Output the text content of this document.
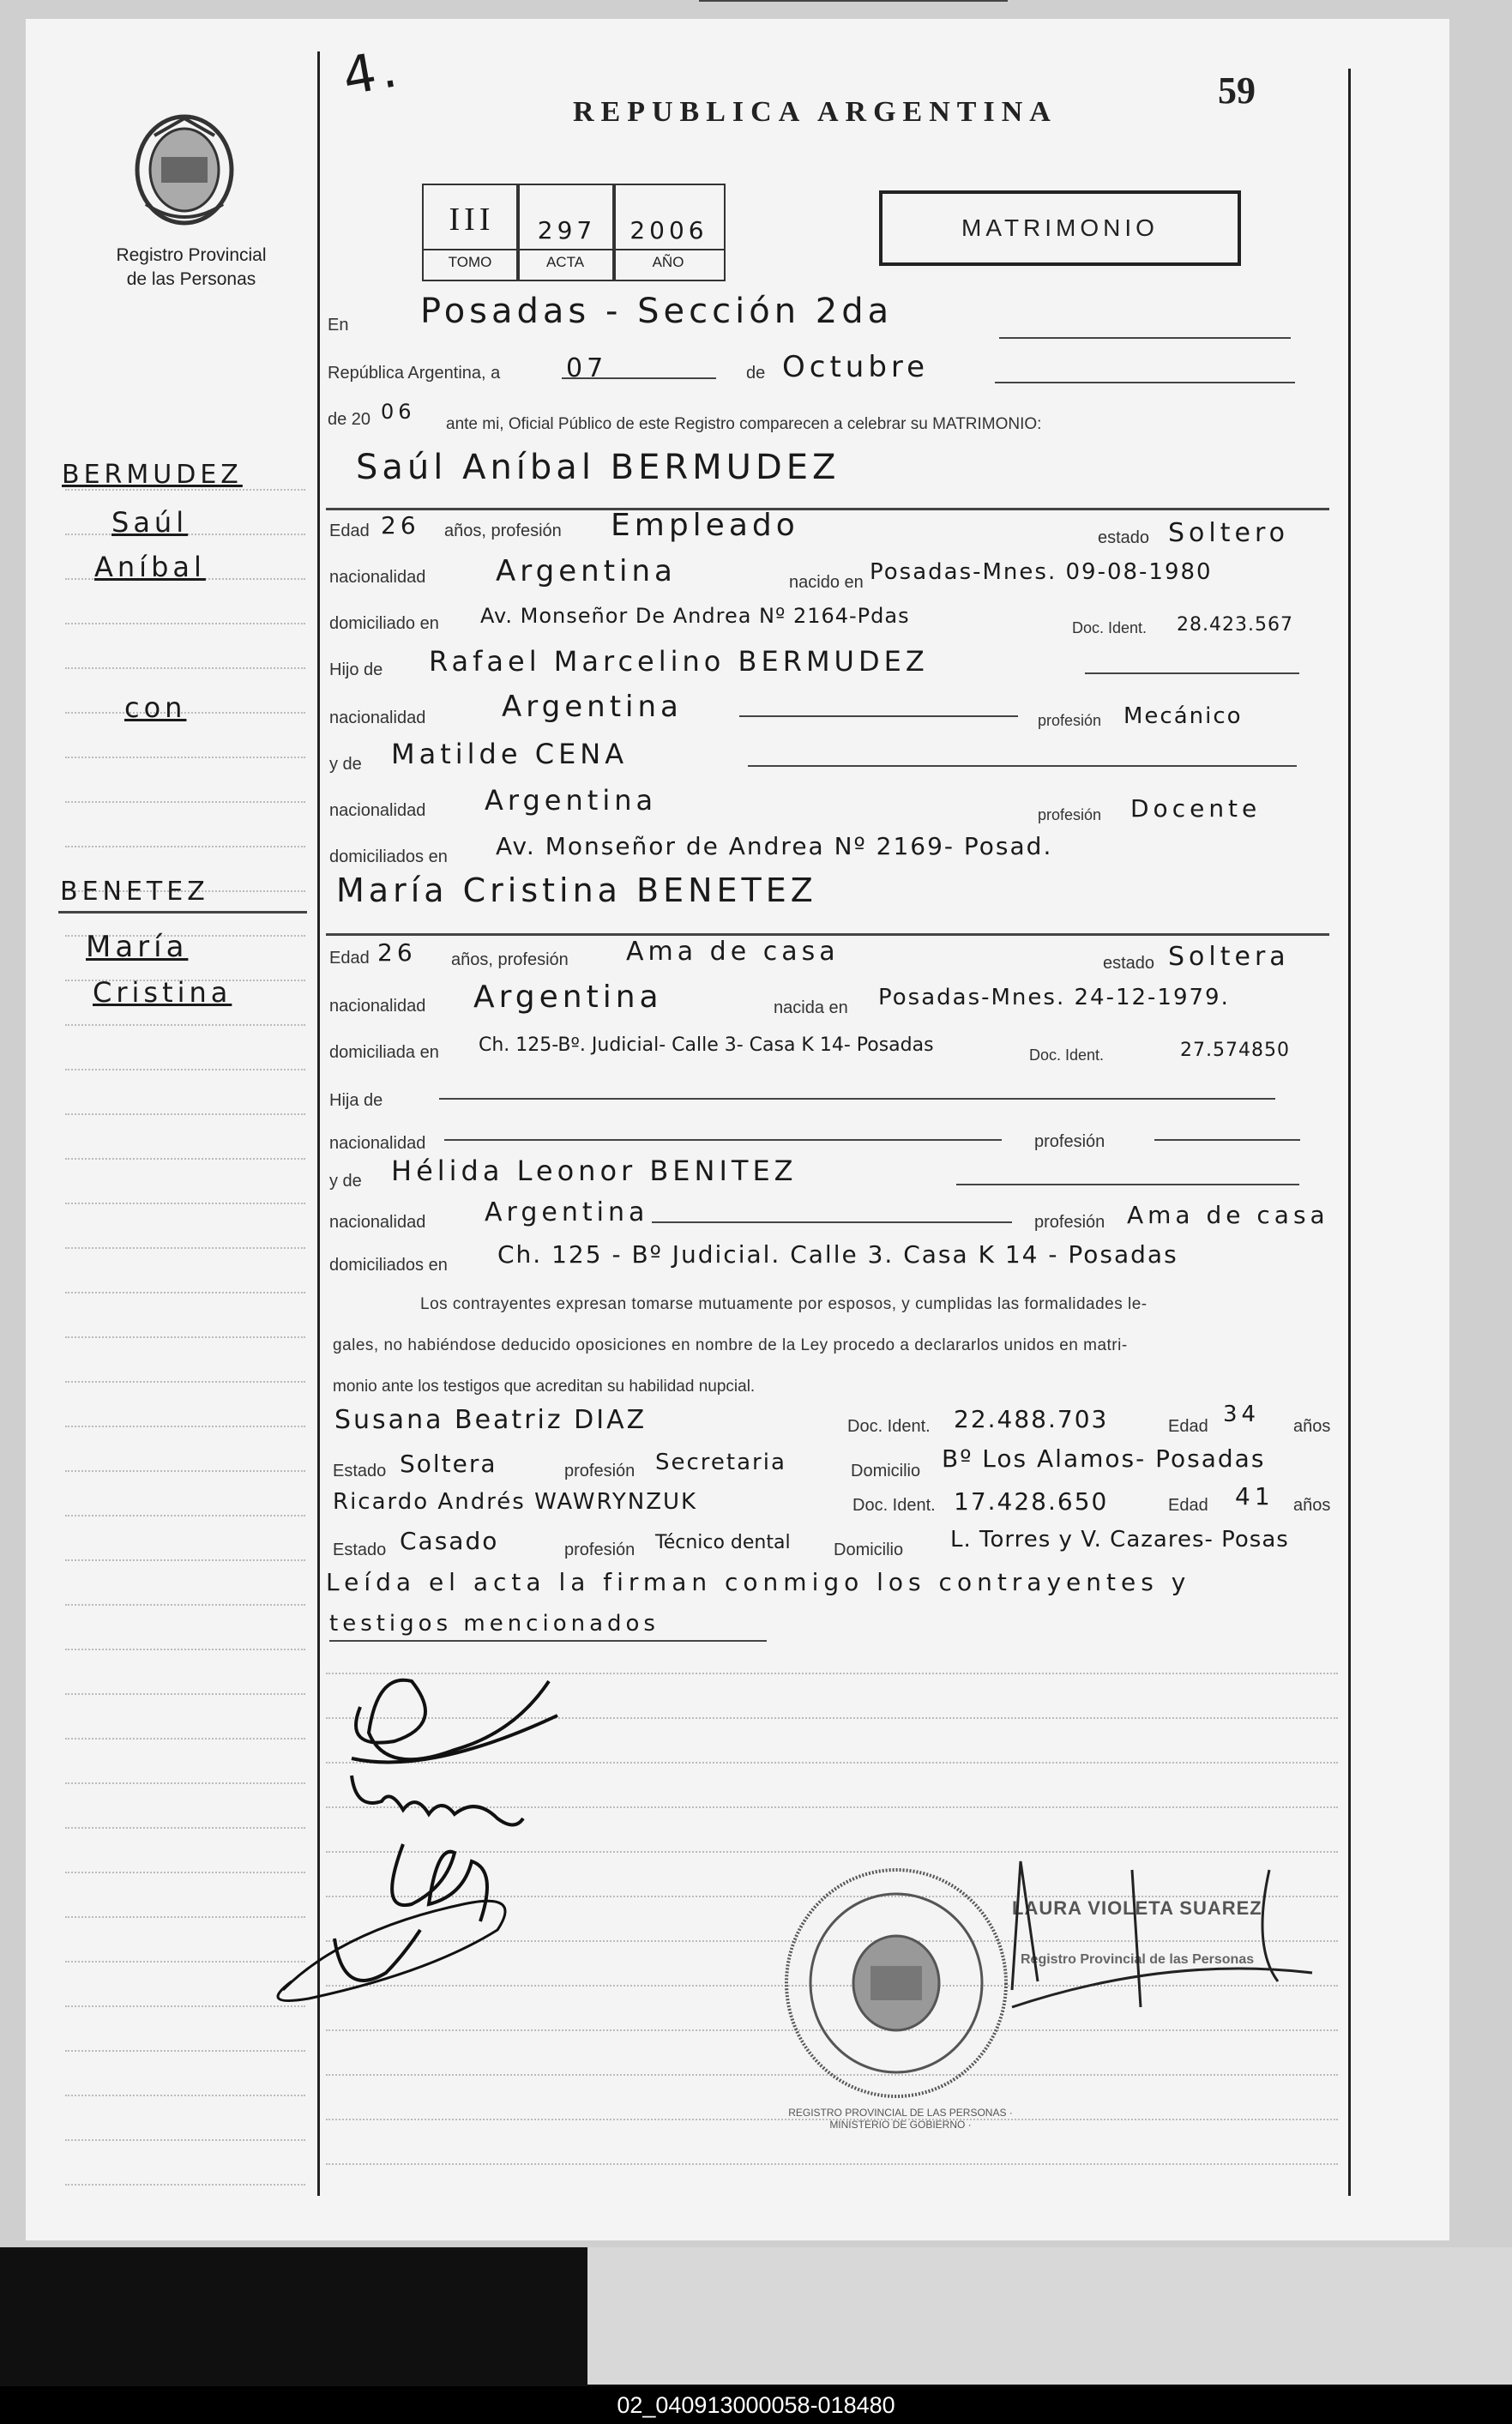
4.	59
REPUBLICA ARGENTINA
Registro Provincial
de las Personas
III	297	2006
TOMO	ACTA	AÑO
MATRIMONIO
En Posadas - Sección 2da
República Argentina, a	07	de Octubre
de 20 06
ante mi, Oficial Público de este Registro comparecen a celebrar su MATRIMONIO:
BERMUDEZ
Saúl
Aníbal
con
Saúl Aníbal BERMUDEZ
Edad 26 años, profesión Empleado	estado Soltero
nacionalidad Argentina	nacido en Posadas-Mnes. 09-08-1980
domiciliado en Av. Monseñor De Andrea Nº 2164-Pdas	Doc. Ident. 28.423.567
Hijo de Rafael Marcelino BERMUDEZ
nacionalidad	Argentina	profesión Mecánico
y de Matilde CENA
nacionalidad Argentina	profesión Docente
domiciliados en Av. Monseñor de Andrea Nº 2169- Posad.
BENETEZ
María
Cristina
María Cristina BENETEZ
Edad 26 años, profesión Ama de casa	estado Soltera
nacionalidad Argentina	nacida en Posadas-Mnes. 24-12-1979.
domiciliada en Ch. 125-Bº. Judicial- Calle 3- Casa K 14- Posadas	Doc. Ident.	27.574850
Hija de
nacionalidad	profesión
y de Hélida Leonor BENITEZ
nacionalidad Argentina	profesión Ama de casa
domiciliados en Ch. 125 - Bº Judicial. Calle 3. Casa K 14 - Posadas
Los contrayentes expresan tomarse mutuamente por esposos, y cumplidas las formalidades le-
gales, no habiéndose deducido oposiciones en nombre de la Ley procedo a declararlos unidos en matri-
monio ante los testigos que acreditan su habilidad nupcial.
Susana Beatriz DIAZ	Doc. Ident. 22.488.703	Edad 34 años
Estado Soltera	profesión Secretaria	Domicilio Bº Los Alamos- Posadas
Ricardo Andrés WAWRYNZUK	Doc. Ident. 17.428.650	Edad 41 años
Estado Casado	profesión Técnico dental	Domicilio L. Torres y V. Cazares- Posas
Leída el acta la firman conmigo los contrayentes y
testigos mencionados
REGISTRO PROVINCIAL DE LAS PERSONAS · MINISTERIO DE GOBIERNO ·
LAURA VIOLETA SUAREZ
Registro Provincial de las Personas
02_040913000058-018480
